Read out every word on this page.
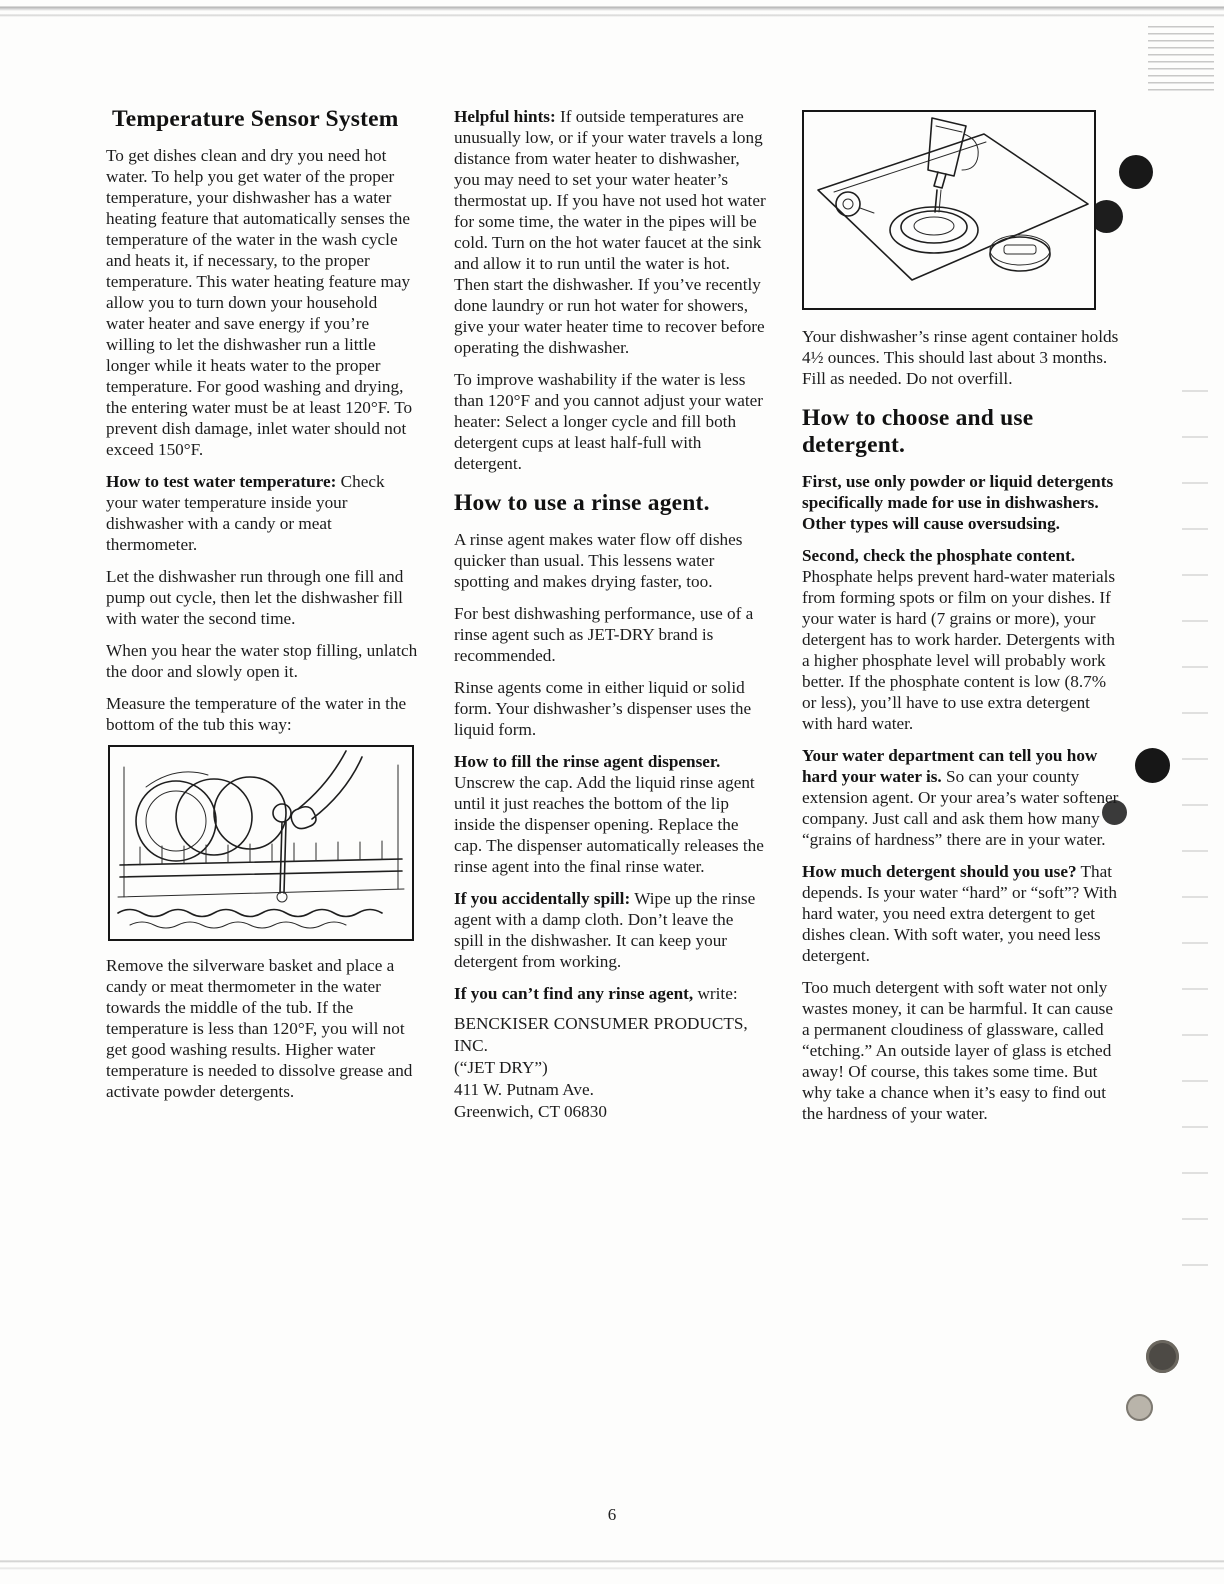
Temperature Sensor System

To get dishes clean and dry you need hot water. To help you get water of the proper temperature, your dishwasher has a water heating feature that automatically senses the temperature of the water in the wash cycle and heats it, if necessary, to the proper temperature. This water heating feature may allow you to turn down your household water heater and save energy if you’re willing to let the dishwasher run a little longer while it heats water to the proper temperature. For good washing and drying, the entering water must be at least 120°F. To prevent dish damage, inlet water should not exceed 150°F.

How to test water temperature: Check your water temperature inside your dishwasher with a candy or meat thermometer.

Let the dishwasher run through one fill and pump out cycle, then let the dishwasher fill with water the second time.

When you hear the water stop filling, unlatch the door and slowly open it.

Measure the temperature of the water in the bottom of the tub this way:

Remove the silverware basket and place a candy or meat thermometer in the water towards the middle of the tub. If the temperature is less than 120°F, you will not get good washing results. Higher water temperature is needed to dissolve grease and activate powder detergents.

Helpful hints: If outside temperatures are unusually low, or if your water travels a long distance from water heater to dishwasher, you may need to set your water heater’s thermostat up. If you have not used hot water for some time, the water in the pipes will be cold. Turn on the hot water faucet at the sink and allow it to run until the water is hot. Then start the dishwasher. If you’ve recently done laundry or run hot water for showers, give your water heater time to recover before operating the dishwasher.

To improve washability if the water is less than 120°F and you cannot adjust your water heater: Select a longer cycle and fill both detergent cups at least half-full with detergent.

How to use a rinse agent.

A rinse agent makes water flow off dishes quicker than usual. This lessens water spotting and makes drying faster, too.

For best dishwashing performance, use of a rinse agent such as JET-DRY brand is recommended.

Rinse agents come in either liquid or solid form. Your dishwasher’s dispenser uses the liquid form.

How to fill the rinse agent dispenser. Unscrew the cap. Add the liquid rinse agent until it just reaches the bottom of the lip inside the dispenser opening. Replace the cap. The dispenser automatically releases the rinse agent into the final rinse water.

If you accidentally spill: Wipe up the rinse agent with a damp cloth. Don’t leave the spill in the dishwasher. It can keep your detergent from working.

If you can’t find any rinse agent, write:

BENCKISER CONSUMER PRODUCTS, INC.
(“JET DRY”)
411 W. Putnam Ave.
Greenwich, CT 06830

Your dishwasher’s rinse agent container holds 4½ ounces. This should last about 3 months. Fill as needed. Do not overfill.

How to choose and use detergent.

First, use only powder or liquid detergents specifically made for use in dishwashers. Other types will cause oversudsing.

Second, check the phosphate content. Phosphate helps prevent hard-water materials from forming spots or film on your dishes. If your water is hard (7 grains or more), your detergent has to work harder. Detergents with a higher phosphate level will probably work better. If the phosphate content is low (8.7% or less), you’ll have to use extra detergent with hard water.

Your water department can tell you how hard your water is. So can your county extension agent. Or your area’s water softener company. Just call and ask them how many “grains of hardness” there are in your water.

How much detergent should you use? That depends. Is your water “hard” or “soft”? With hard water, you need extra detergent to get dishes clean. With soft water, you need less detergent.

Too much detergent with soft water not only wastes money, it can be harmful. It can cause a permanent cloudiness of glassware, called “etching.” An outside layer of glass is etched away! Of course, this takes some time. But why take a chance when it’s easy to find out the hardness of your water.

6
